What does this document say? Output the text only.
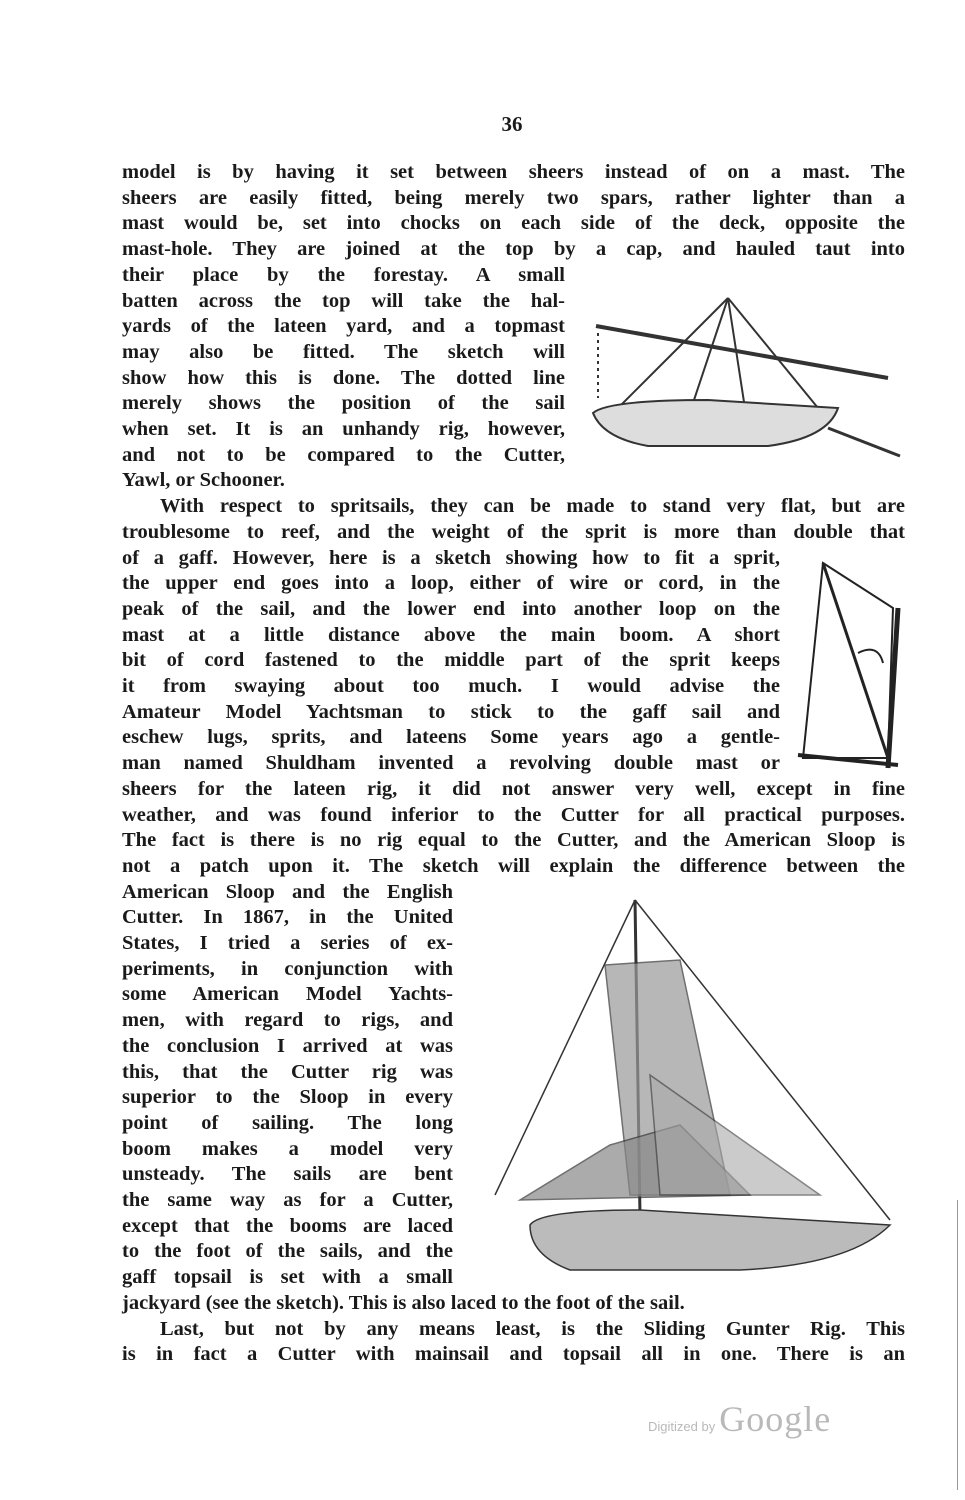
36
model is by having it set between sheers instead of on a mast. The
sheers are easily fitted, being merely two spars, rather lighter than a
mast would be, set into chocks on each side of the deck, opposite the
mast-hole. They are joined at the top by a cap, and hauled taut into
their place by the forestay. A small
batten across the top will take the hal-
yards of the lateen yard, and a topmast
may also be fitted. The sketch will
show how this is done. The dotted line
merely shows the position of the sail
when set. It is an unhandy rig, however,
and not to be compared to the Cutter,
Yawl, or Schooner.
With respect to spritsails, they can be made to stand very flat, but are
troublesome to reef, and the weight of the sprit is more than double that
of a gaff. However, here is a sketch showing how to fit a sprit,
the upper end goes into a loop, either of wire or cord, in the
peak of the sail, and the lower end into another loop on the
mast at a little distance above the main boom. A short
bit of cord fastened to the middle part of the sprit keeps
it from swaying about too much. I would advise the
Amateur Model Yachtsman to stick to the gaff sail and
eschew lugs, sprits, and lateens Some years ago a gentle-
man named Shuldham invented a revolving double mast or
sheers for the lateen rig, it did not answer very well, except in fine
weather, and was found inferior to the Cutter for all practical purposes.
The fact is there is no rig equal to the Cutter, and the American Sloop is
not a patch upon it. The sketch will explain the difference between the
American Sloop and the English
Cutter. In 1867, in the United
States, I tried a series of ex-
periments, in conjunction with
some American Model Yachts-
men, with regard to rigs, and
the conclusion I arrived at was
this, that the Cutter rig was
superior to the Sloop in every
point of sailing. The long
boom makes a model very
unsteady. The sails are bent
the same way as for a Cutter,
except that the booms are laced
to the foot of the sails, and the
gaff topsail is set with a small
jackyard (see the sketch). This is also laced to the foot of the sail.
Last, but not by any means least, is the Sliding Gunter Rig. This
is in fact a Cutter with mainsail and topsail all in one. There is an
Digitized by Google
